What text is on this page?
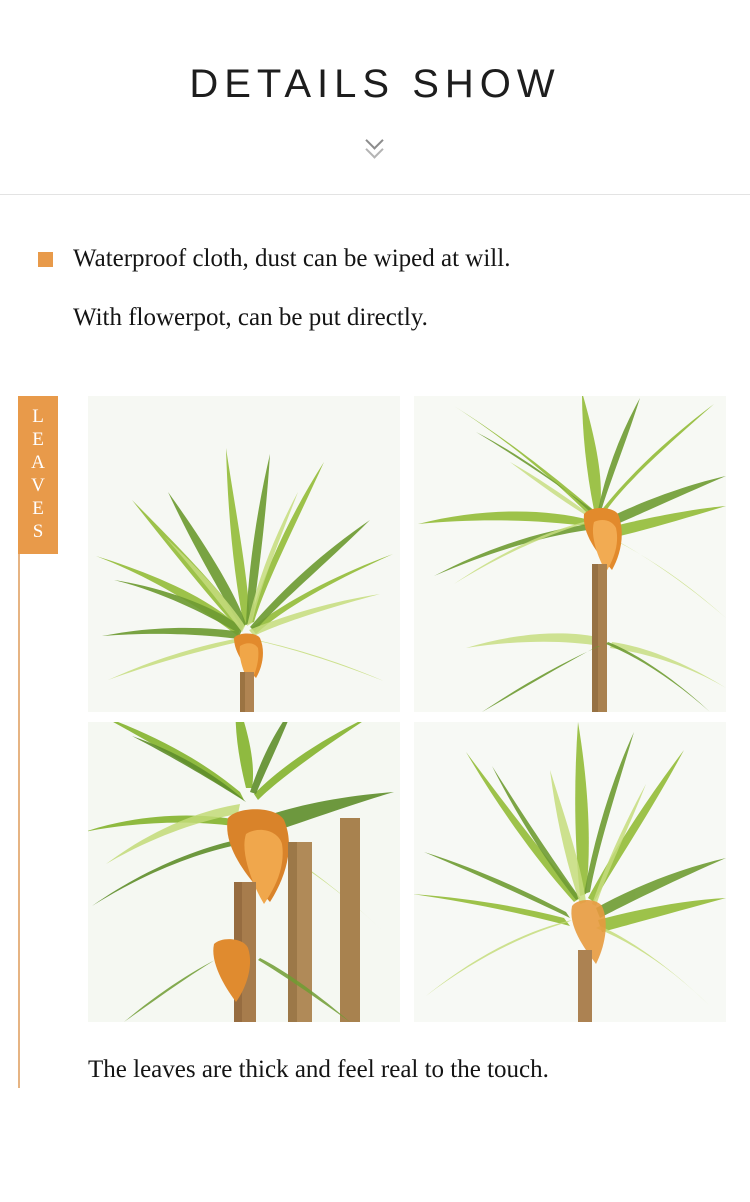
DETAILS SHOW
Waterproof cloth, dust can be wiped at will.
With flowerpot, can be put directly.
LEAVES
The leaves are thick and feel real to the touch.
